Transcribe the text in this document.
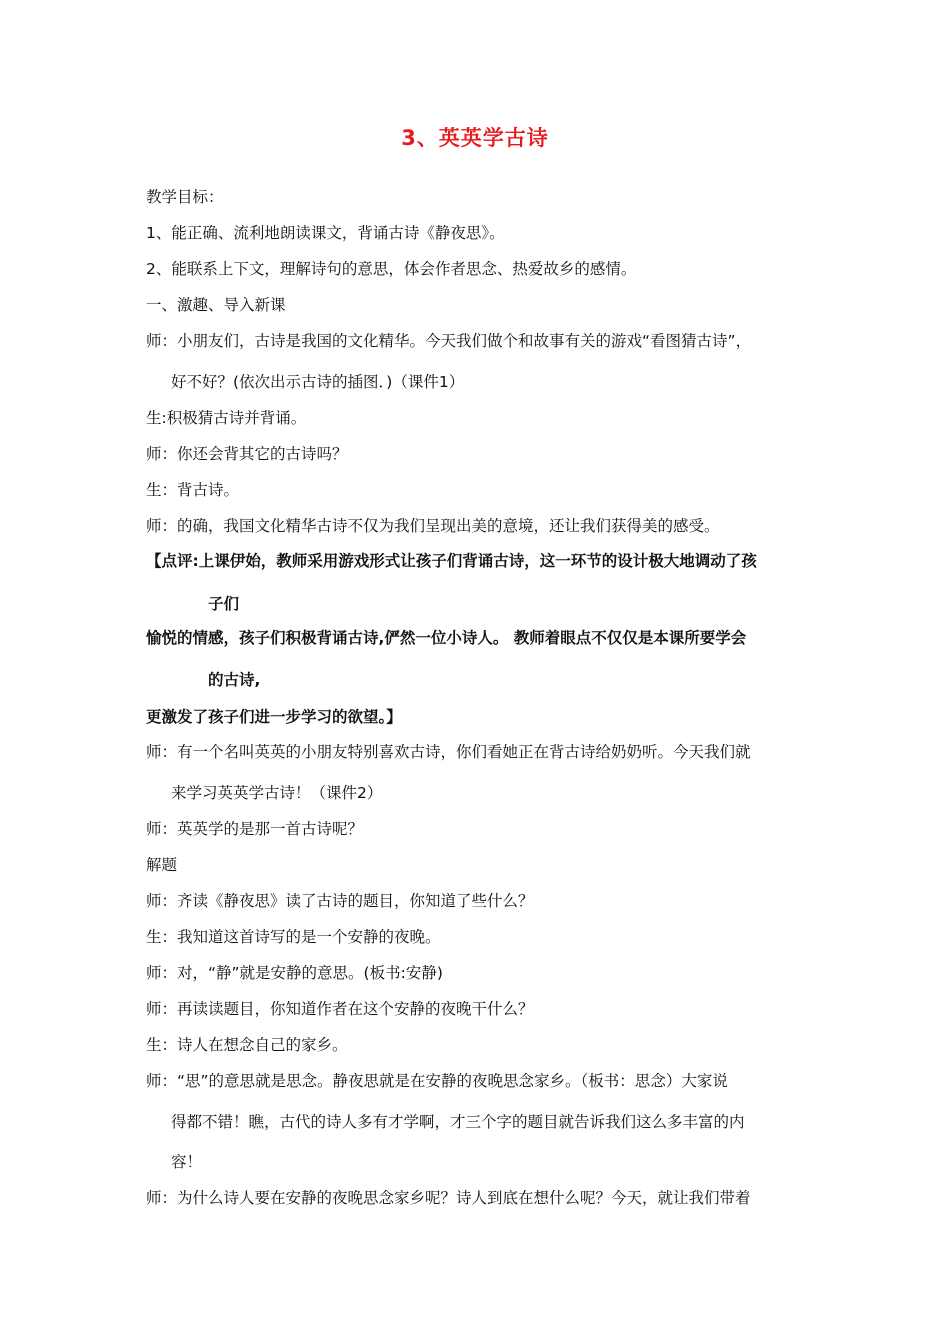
3、英英学古诗
教学目标：
1、能正确、流利地朗读课文，背诵古诗《静夜思》。
2、能联系上下文，理解诗句的意思，体会作者思念、热爱故乡的感情。
一、激趣、导入新课
师：小朋友们，古诗是我国的文化精华。今天我们做个和故事有关的游戏“看图猜古诗”，
好不好？(依次出示古诗的插图．)（课件1）
生:积极猜古诗并背诵。
师：你还会背其它的古诗吗？
生：背古诗。
师：的确，我国文化精华古诗不仅为我们呈现出美的意境，还让我们获得美的感受。
【点评:上课伊始，教师采用游戏形式让孩子们背诵古诗，这一环节的设计极大地调动了孩
子们
愉悦的情感，孩子们积极背诵古诗,俨然一位小诗人。 教师着眼点不仅仅是本课所要学会
的古诗,
更激发了孩子们进一步学习的欲望。】
师：有一个名叫英英的小朋友特别喜欢古诗，你们看她正在背古诗给奶奶听。今天我们就
来学习英英学古诗！（课件2）
师：英英学的是那一首古诗呢？
解题
师：齐读《静夜思》读了古诗的题目，你知道了些什么？
生：我知道这首诗写的是一个安静的夜晚。
师：对，“静”就是安静的意思。(板书:安静)
师：再读读题目，你知道作者在这个安静的夜晚干什么？
生：诗人在想念自己的家乡。
师：“思”的意思就是思念。静夜思就是在安静的夜晚思念家乡。（板书：思念）大家说
得都不错！瞧，古代的诗人多有才学啊，才三个字的题目就告诉我们这么多丰富的内
容！
师：为什么诗人要在安静的夜晚思念家乡呢？诗人到底在想什么呢？今天，就让我们带着
